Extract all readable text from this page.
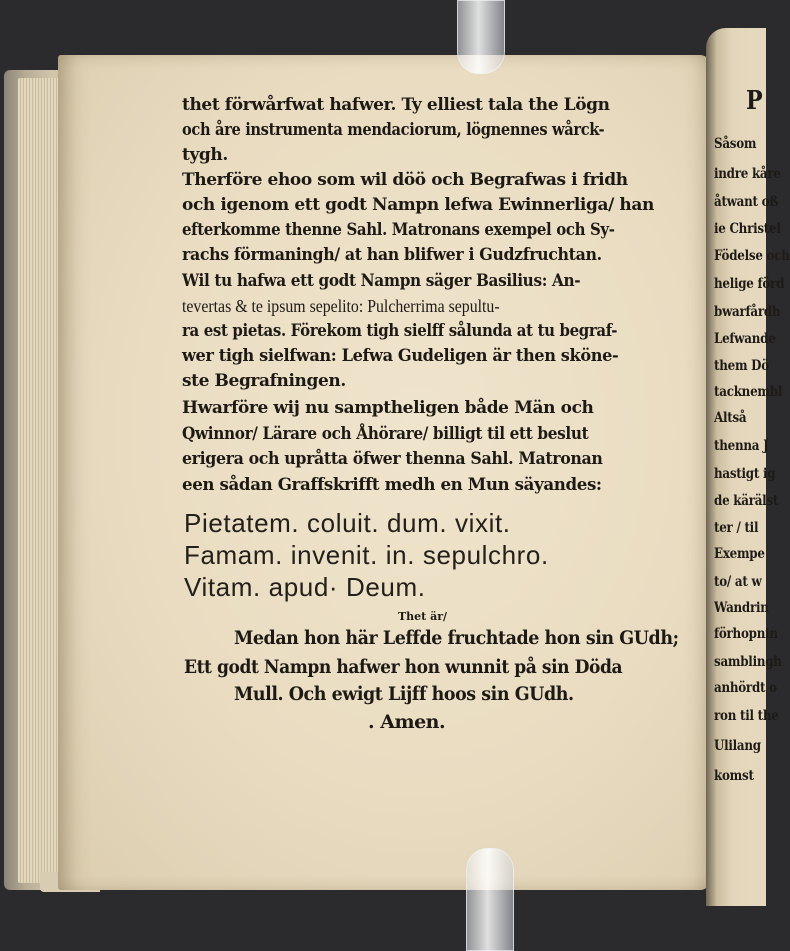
thet förwårfwat hafwer. Ty elliest tala the Lögn
och åre instrumenta mendaciorum, lögnennes wårck-
tygh.
Therföre ehoo som wil döö och Begrafwas i fridh
och igenom ett godt Nampn lefwa Ewinnerliga/ han
efterkomme thenne Sahl. Matronans exempel och Sy-
rachs förmaningh/ at han blifwer i Gudzfruchtan.
Wil tu hafwa ett godt Nampn säger Basilius: An-
tevertas & te ipsum sepelito: Pulcherrima sepultu-
ra est pietas. Förekom tigh sielff sålunda at tu begraf-
wer tigh sielfwan: Lefwa Gudeligen är then sköne-
ste Begrafningen.
Hwarföre wij nu samptheligen både Män och
Qwinnor/ Lärare och Åhörare/ billigt til ett beslut
erigera och upråtta öfwer thenna Sahl. Matronan
een sådan Graffskrifft medh en Mun säyandes:
Pietatem. coluit. dum. vixit.
Famam. invenit. in. sepulchro.
Vitam. apud· Deum.
Thet är/
Medan hon här Leffde fruchtade hon sin GUdh;
Ett godt Nampn hafwer hon wunnit på sin Döda
Mull. Och ewigt Lijff hoos sin GUdh.
. Amen.
P
Såsom
indre kåre
åtwant oß
ie Christel
Födelse och
helige förd
bwarfårdh
Lefwande
them Dö
tacknembl
Altså
thenna J
hastigt ig
de kärälst
ter / til
Exempe
to/ at w
Wandrin
förhopnin
samblingh
anhördt o
ron til the
Ulilang
komst
